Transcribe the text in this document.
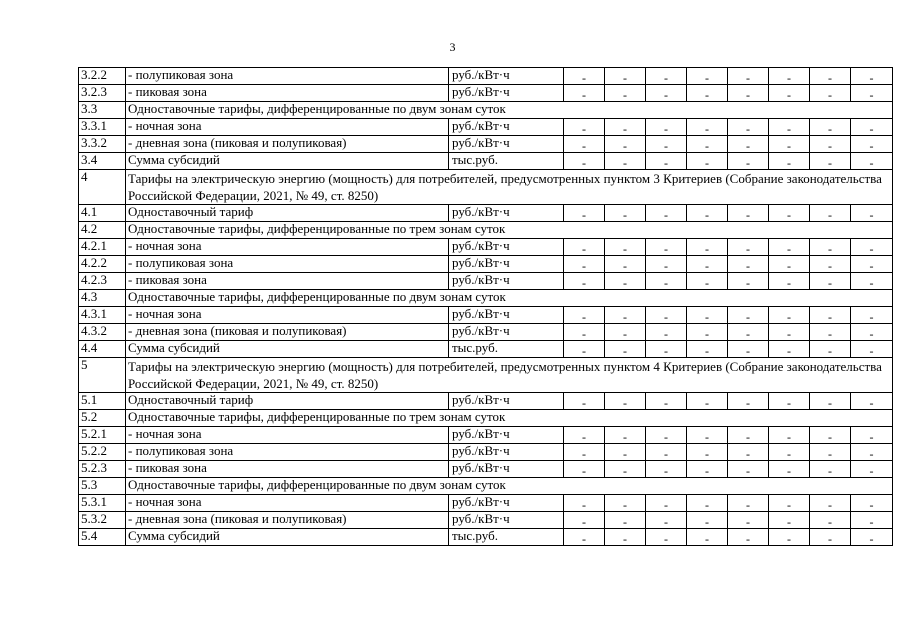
3
3.2.2	- полупиковая зона	руб./кВт·ч	-	-	-	-	-	-	-	-
3.2.3	- пиковая зона	руб./кВт·ч	-	-	-	-	-	-	-	-
3.3	Одноставочные тарифы, дифференцированные по двум зонам суток									
3.3.1	- ночная зона	руб./кВт·ч	-	-	-	-	-	-	-	-
3.3.2	- дневная зона (пиковая и полупиковая)	руб./кВт·ч	-	-	-	-	-	-	-	-
3.4	Сумма субсидий	тыс.руб.	-	-	-	-	-	-	-	-
4	Тарифы на электрическую энергию (мощность) для потребителей, предусмотренных пунктом 3 Критериев (Собрание законодательства Российской Федерации, 2021, № 49, ст. 8250)									
4.1	Одноставочный тариф	руб./кВт·ч	-	-	-	-	-	-	-	-
4.2	Одноставочные тарифы, дифференцированные по трем зонам суток									
4.2.1	- ночная зона	руб./кВт·ч	-	-	-	-	-	-	-	-
4.2.2	- полупиковая зона	руб./кВт·ч	-	-	-	-	-	-	-	-
4.2.3	- пиковая зона	руб./кВт·ч	-	-	-	-	-	-	-	-
4.3	Одноставочные тарифы, дифференцированные по двум зонам суток									
4.3.1	- ночная зона	руб./кВт·ч	-	-	-	-	-	-	-	-
4.3.2	- дневная зона (пиковая и полупиковая)	руб./кВт·ч	-	-	-	-	-	-	-	-
4.4	Сумма субсидий	тыс.руб.	-	-	-	-	-	-	-	-
5	Тарифы на электрическую энергию (мощность) для потребителей, предусмотренных пунктом 4 Критериев (Собрание законодательства Российской Федерации, 2021, № 49, ст. 8250)									
5.1	Одноставочный тариф	руб./кВт·ч	-	-	-	-	-	-	-	-
5.2	Одноставочные тарифы, дифференцированные по трем зонам суток									
5.2.1	- ночная зона	руб./кВт·ч	-	-	-	-	-	-	-	-
5.2.2	- полупиковая зона	руб./кВт·ч	-	-	-	-	-	-	-	-
5.2.3	- пиковая зона	руб./кВт·ч	-	-	-	-	-	-	-	-
5.3	Одноставочные тарифы, дифференцированные по двум зонам суток									
5.3.1	- ночная зона	руб./кВт·ч	-	-	-	-	-	-	-	-
5.3.2	- дневная зона (пиковая и полупиковая)	руб./кВт·ч	-	-	-	-	-	-	-	-
5.4	Сумма субсидий	тыс.руб.	-	-	-	-	-	-	-	-
